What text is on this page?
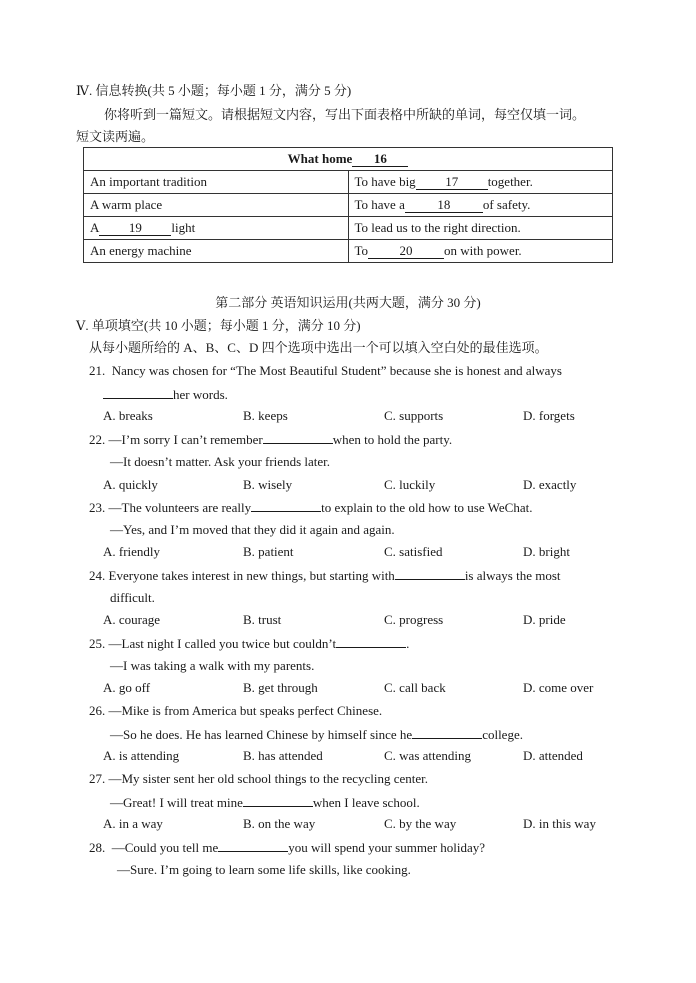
Ⅳ. 信息转换(共 5 小题；每小题 1 分，满分 5 分)
你将听到一篇短文。请根据短文内容，写出下面表格中所缺的单词，每空仅填一词。
短文读两遍。
What home 16	
An important tradition	To have big 17 together.
A warm place	To have a 18 of safety.
A 19 light	To lead us to the right direction.
An energy machine	To 20 on with power.
第二部分 英语知识运用(共两大题，满分 30 分)
Ⅴ. 单项填空(共 10 小题；每小题 1 分，满分 10 分)
从每小题所给的 A、B、C、D 四个选项中选出一个可以填入空白处的最佳选项。
21. Nancy was chosen for “The Most Beautiful Student” because she is honest and always
her words.
A. breaks	B. keeps	C. supports	D. forgets
22. —I’m sorry I can’t remember	when to hold the party.
—It doesn’t matter. Ask your friends later.
A. quickly	B. wisely	C. luckily	D. exactly
23. —The volunteers are really	to explain to the old how to use WeChat.
—Yes, and I’m moved that they did it again and again.
A. friendly	B. patient	C. satisfied	D. bright
24. Everyone takes interest in new things, but starting with	is always the most
difficult.
A. courage	B. trust	C. progress	D. pride
25. —Last night I called you twice but couldn’t	.
—I was taking a walk with my parents.
A. go off	B. get through	C. call back	D. come over
26. —Mike is from America but speaks perfect Chinese.
—So he does. He has learned Chinese by himself since he	college.
A. is attending	B. has attended	C. was attending	D. attended
27. —My sister sent her old school things to the recycling center.
—Great! I will treat mine	when I leave school.
A. in a way	B. on the way	C. by the way	D. in this way
28. —Could you tell me	you will spend your summer holiday?
—Sure. I’m going to learn some life skills, like cooking.
